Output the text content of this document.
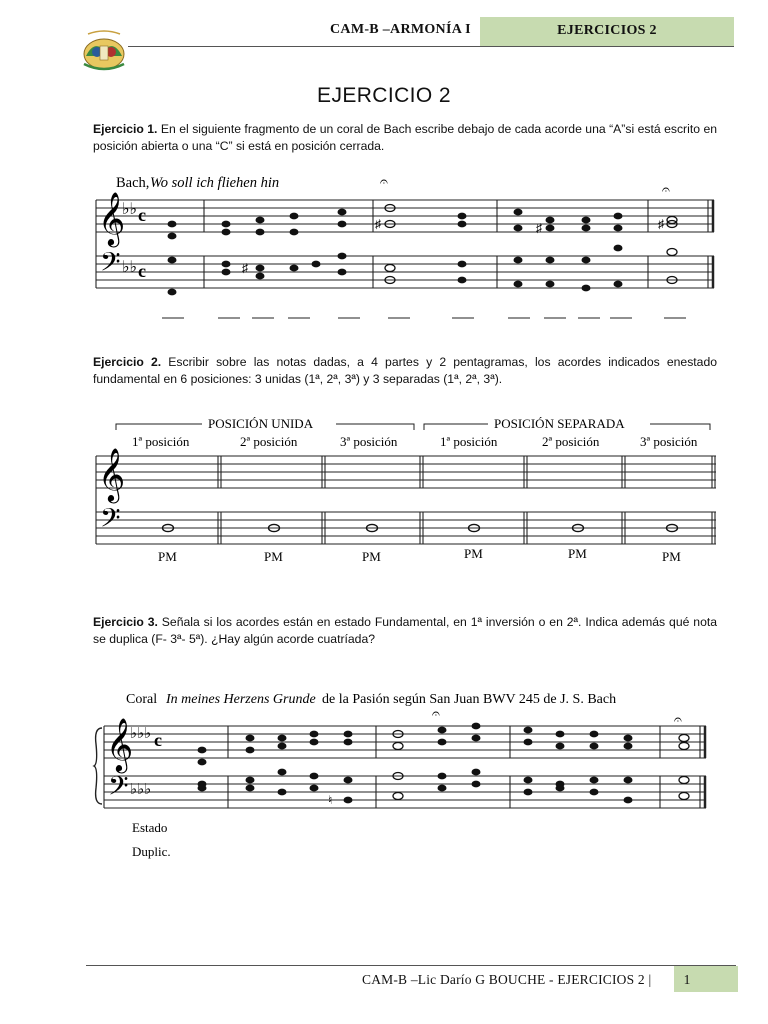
CAM-B –ARMONÍA I	EJERCICIOS 2
EJERCICIO 2
Ejercicio 1. En el siguiente fragmento de un coral de Bach escribe debajo de cada acorde una “A”si está escrito en posición abierta o una “C” si está en posición cerrada.
Bach, Wo soll ich fliehen hin
𝄞
𝄢
♭♭
♭♭
c
c
𝄐
𝄐
♯	♯
♯
♯
Ejercicio 2. Escribir sobre las notas dadas, a 4 partes y 2 pentagramas, los acordes indicados enestado fundamental en 6 posiciones: 3 unidas (1ª, 2ª, 3ª) y 3 separadas (1ª, 2ª, 3ª).
POSICIÓN UNIDA	POSICIÓN SEPARADA
1ª posición	2ª posición	3ª posición	1ª posición	2ª posición	3ª posición
𝄞
𝄢
PM	PM	PM	PM	PM	PM
Ejercicio 3. Señala si los acordes están en estado Fundamental, en 1ª inversión o en 2ª. Indica además qué nota se duplica (F- 3ª- 5ª). ¿Hay algún acorde cuatríada?
Coral In meines Herzens Grunde de la Pasión según San Juan BWV 245 de J. S. Bach
𝄞
𝄢
♭♭♭
♭♭♭
c
𝄐	𝄐
♮
Estado
Duplic.
CAM-B –Lic Darío G BOUCHE - EJERCICIOS 2 |	1
